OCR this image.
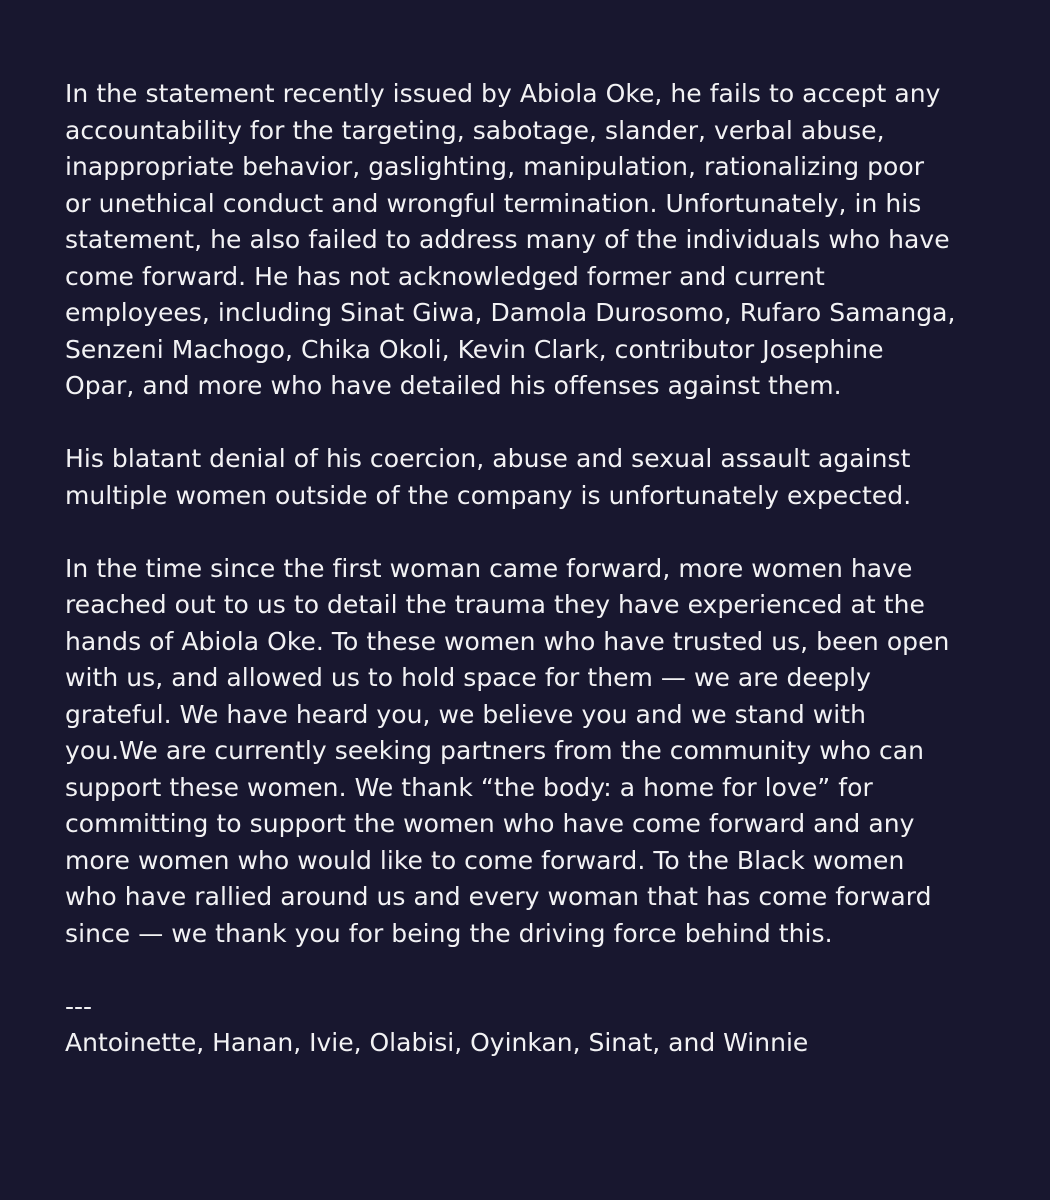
In the statement recently issued by Abiola Oke, he fails to accept any
accountability for the targeting, sabotage, slander, verbal abuse,
inappropriate behavior, gaslighting, manipulation, rationalizing poor
or unethical conduct and wrongful termination. Unfortunately, in his
statement, he also failed to address many of the individuals who have
come forward. He has not acknowledged former and current
employees, including Sinat Giwa, Damola Durosomo, Rufaro Samanga,
Senzeni Machogo, Chika Okoli, Kevin Clark, contributor Josephine
Opar, and more who have detailed his offenses against them.

His blatant denial of his coercion, abuse and sexual assault against
multiple women outside of the company is unfortunately expected.

In the time since the first woman came forward, more women have
reached out to us to detail the trauma they have experienced at the
hands of Abiola Oke. To these women who have trusted us, been open
with us, and allowed us to hold space for them — we are deeply
grateful. We have heard you, we believe you and we stand with
you.We are currently seeking partners from the community who can
support these women. We thank “the body: a home for love” for
committing to support the women who have come forward and any
more women who would like to come forward. To the Black women
who have rallied around us and every woman that has come forward
since — we thank you for being the driving force behind this.

---

Antoinette, Hanan, Ivie, Olabisi, Oyinkan, Sinat, and Winnie
